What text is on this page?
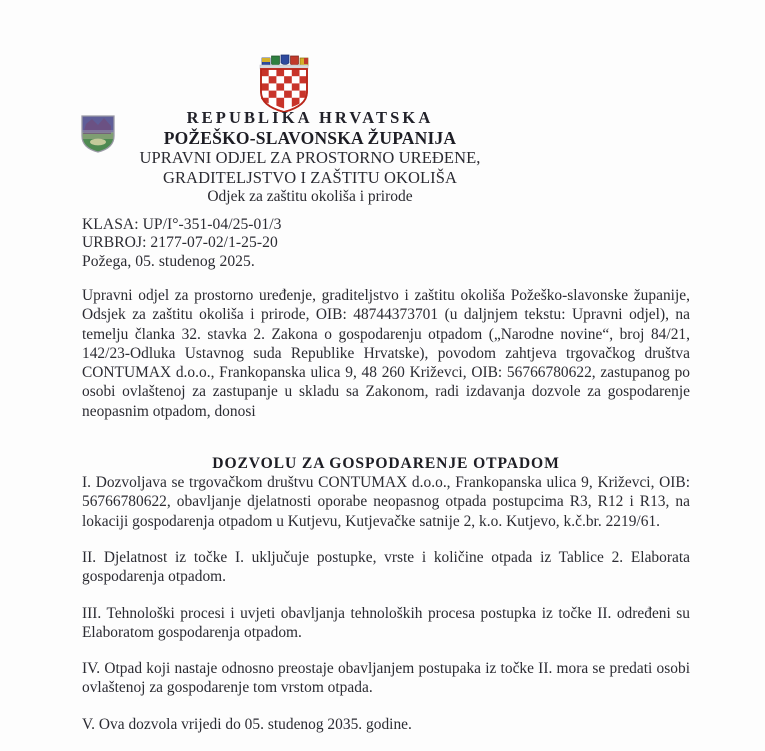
REPUBLIKA HRVATSKA
POŽEŠKO-SLAVONSKA ŽUPANIJA
UPRAVNI ODJEL ZA PROSTORNO UREĐENE,
GRADITELJSTVO I ZAŠTITU OKOLIŠA
Odjek za zaštitu okoliša i prirode
KLASA: UP/I°-351-04/25-01/3
URBROJ: 2177-07-02/1-25-20
Požega, 05. studenog 2025.

Upravni odjel za prostorno uređenje, graditeljstvo i zaštitu okoliša Požeško-slavonske županije, Odsjek za zaštitu okoliša i prirode, OIB: 48744373701 (u daljnjem tekstu: Upravni odjel), na temelju članka 32. stavka 2. Zakona o gospodarenju otpadom („Narodne novine“, broj 84/21, 142/23-Odluka Ustavnog suda Republike Hrvatske), povodom zahtjeva trgovačkog društva CONTUMAX d.o.o., Frankopanska ulica 9, 48 260 Križevci, OIB: 56766780622, zastupanog po osobi ovlaštenoj za zastupanje u skladu sa Zakonom, radi izdavanja dozvole za gospodarenje neopasnim otpadom, donosi

DOZVOLU ZA GOSPODARENJE OTPADOM

I. Dozvoljava se trgovačkom društvu CONTUMAX d.o.o., Frankopanska ulica 9, Križevci, OIB: 56766780622, obavljanje djelatnosti oporabe neopasnog otpada postupcima R3, R12 i R13, na lokaciji gospodarenja otpadom u Kutjevu, Kutjevačke satnije 2, k.o. Kutjevo, k.č.br. 2219/61.

II. Djelatnost iz točke I. uključuje postupke, vrste i količine otpada iz Tablice 2. Elaborata gospodarenja otpadom.

III. Tehnološki procesi i uvjeti obavljanja tehnoloških procesa postupka iz točke II. određeni su Elaboratom gospodarenja otpadom.

IV. Otpad koji nastaje odnosno preostaje obavljanjem postupaka iz točke II. mora se predati osobi ovlaštenoj za gospodarenje tom vrstom otpada.

V. Ova dozvola vrijedi do 05. studenog 2035. godine.
